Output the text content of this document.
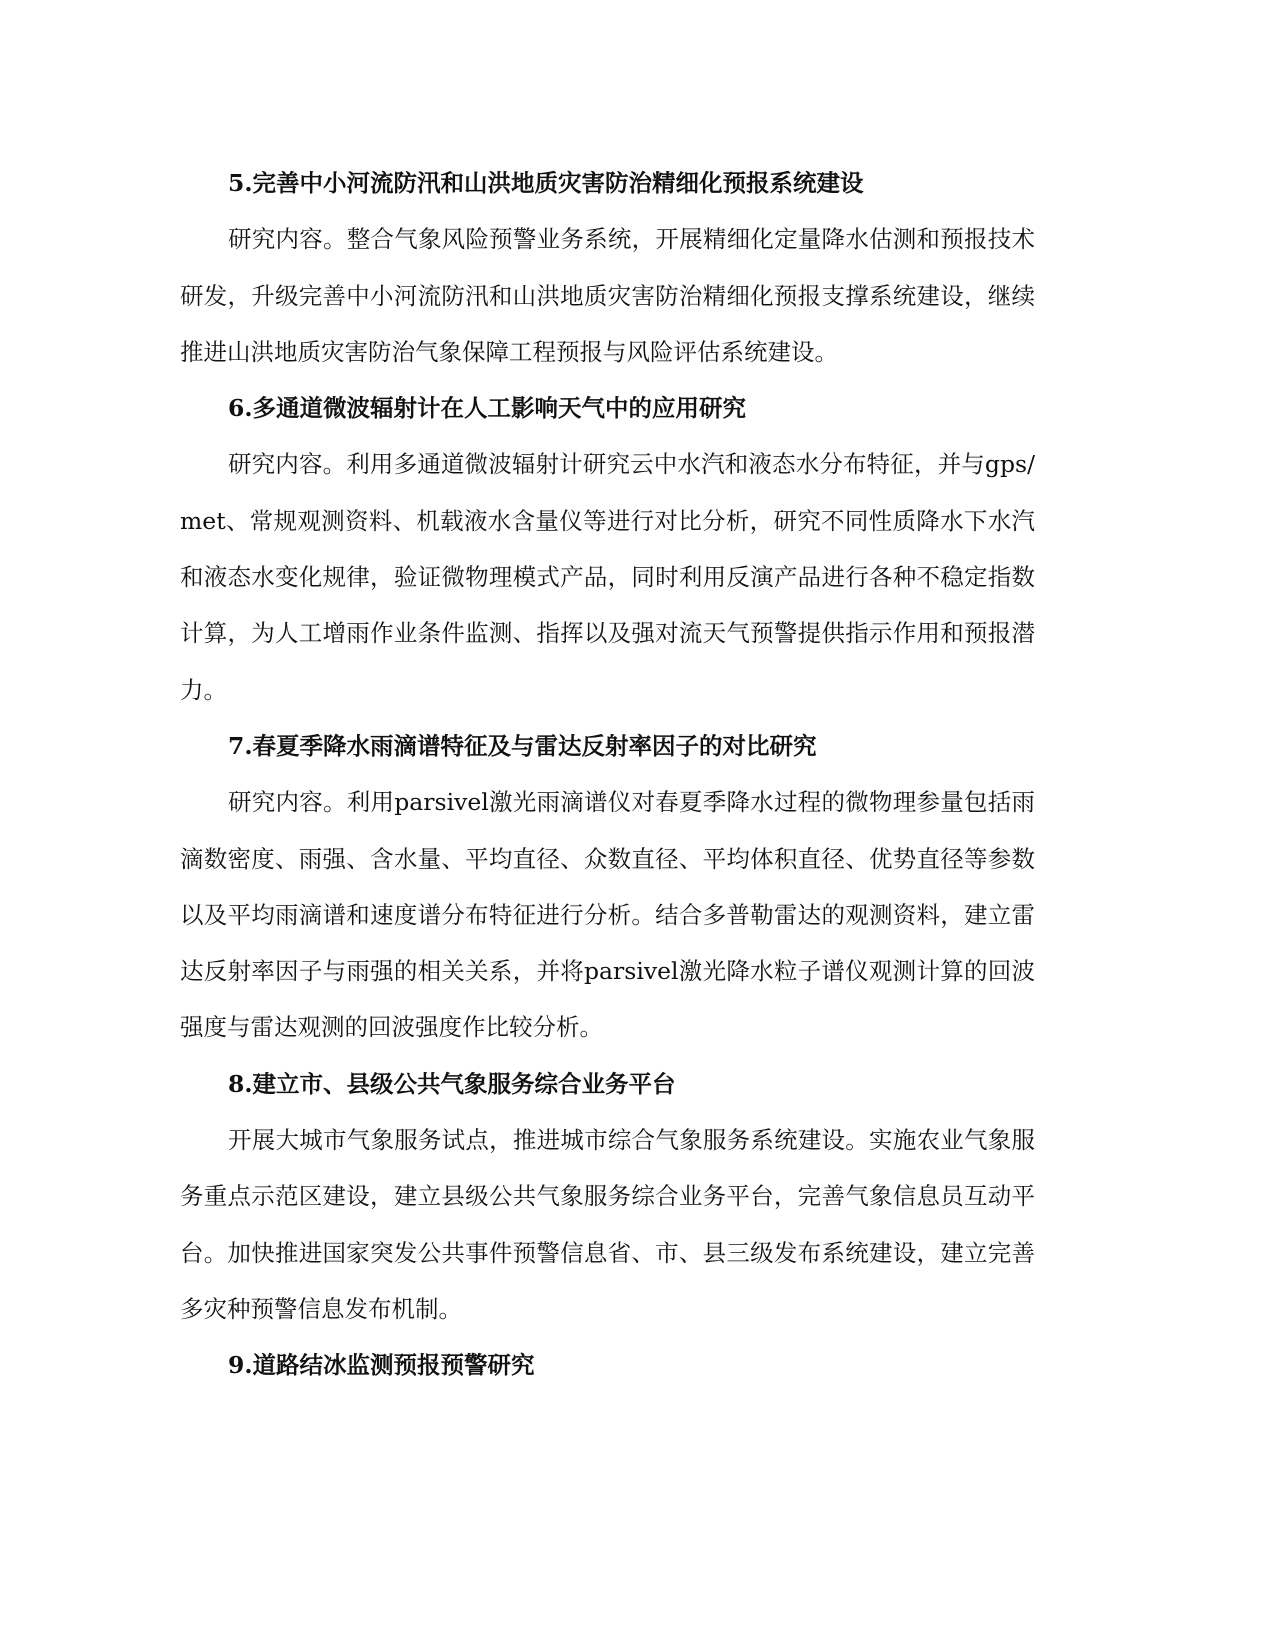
5.完善中小河流防汛和山洪地质灾害防治精细化预报系统建设
研究内容。整合气象风险预警业务系统，开展精细化定量降水估测和预报技术
研发，升级完善中小河流防汛和山洪地质灾害防治精细化预报支撑系统建设，继续
推进山洪地质灾害防治气象保障工程预报与风险评估系统建设。
6.多通道微波辐射计在人工影响天气中的应用研究
研究内容。利用多通道微波辐射计研究云中水汽和液态水分布特征，并与gps/
met、常规观测资料、机载液水含量仪等进行对比分析，研究不同性质降水下水汽
和液态水变化规律，验证微物理模式产品，同时利用反演产品进行各种不稳定指数
计算，为人工增雨作业条件监测、指挥以及强对流天气预警提供指示作用和预报潜
力。
7.春夏季降水雨滴谱特征及与雷达反射率因子的对比研究
研究内容。利用parsivel激光雨滴谱仪对春夏季降水过程的微物理参量包括雨
滴数密度、雨强、含水量、平均直径、众数直径、平均体积直径、优势直径等参数
以及平均雨滴谱和速度谱分布特征进行分析。结合多普勒雷达的观测资料，建立雷
达反射率因子与雨强的相关关系，并将parsivel激光降水粒子谱仪观测计算的回波
强度与雷达观测的回波强度作比较分析。
8.建立市、县级公共气象服务综合业务平台
开展大城市气象服务试点，推进城市综合气象服务系统建设。实施农业气象服
务重点示范区建设，建立县级公共气象服务综合业务平台，完善气象信息员互动平
台。加快推进国家突发公共事件预警信息省、市、县三级发布系统建设，建立完善
多灾种预警信息发布机制。
9.道路结冰监测预报预警研究
